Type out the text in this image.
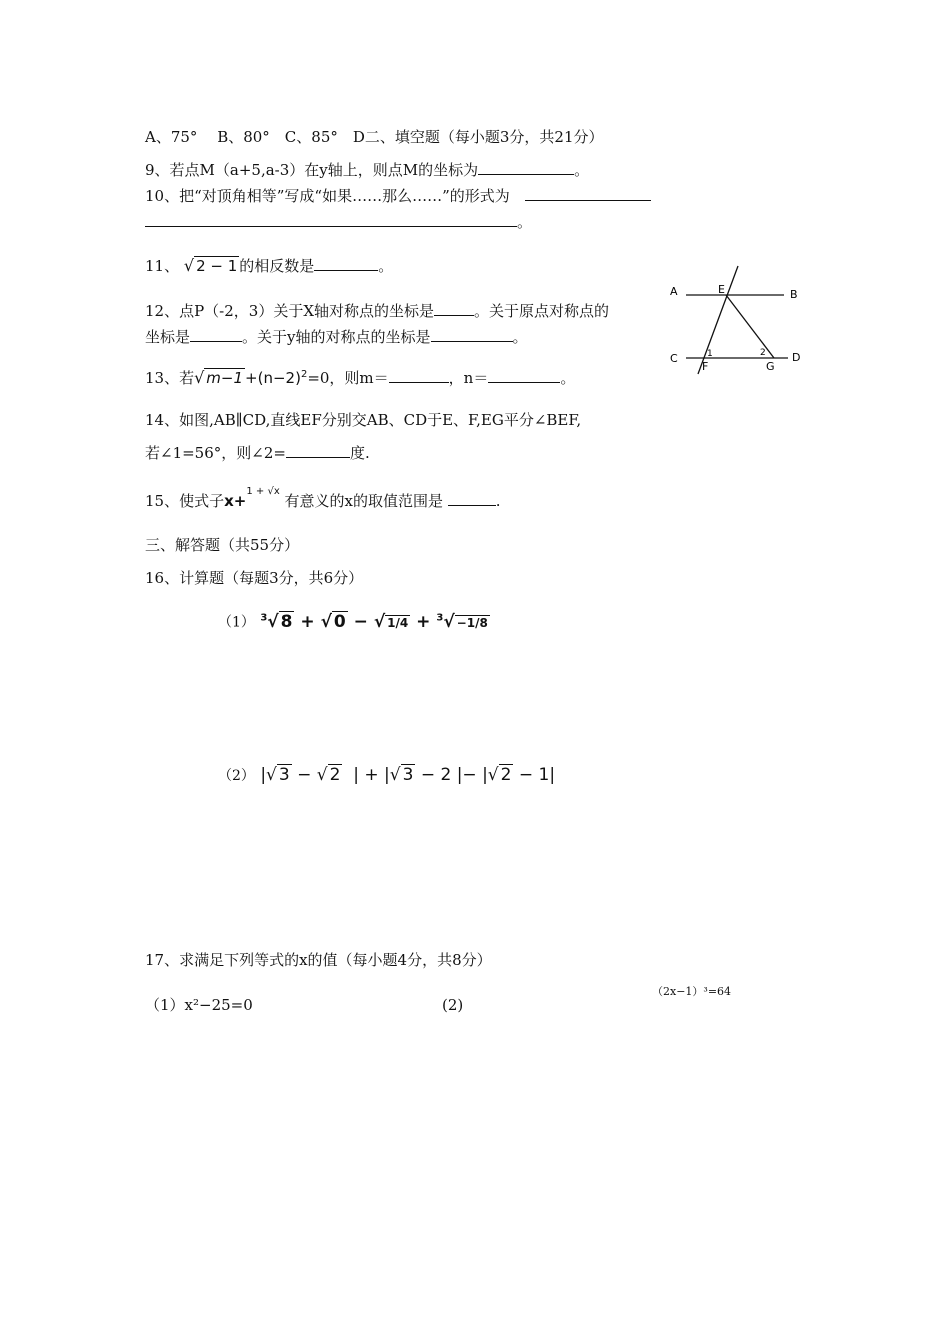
A、75°　 B、80°　C、85°　D二、填空题（每小题3分，共21分）
9、若点M（a+5,a-3）在y轴上，则点M的坐标为	。
10、把“对顶角相等”写成“如果……那么……”的形式为　
。
11、 √ 2 − 1 的相反数是	。
12、点P（-2，3）关于X轴对称点的坐标是	。关于原点对称点的
坐标是	。关于y轴的对称点的坐标是	。
13、若√ $m-1 +(n-2)^2=0$，则m＝	，n＝	。
A	B
C	D
E
F	G
1	2
14、如图,AB∥CD,直线EF分别交AB、CD于E、F,EG平分∠BEF,
若∠1=56°，则∠2=	度.
15、使式子x+$^{1 + √x}$ 有意义的x的取值范围是	.
三、解答题（共55分）
16、计算题（每题3分，共6分）
（1） $^3$√ 8 + √ 0 − √ 1/4 + $^3$√ −1/8
（2） |√ 3 − √ 2  | + |√ 3 − 2 |− |√ 2 − 1|
17、求满足下列等式的x的值（每小题4分，共8分）
（1）x²−25=0	(2)
（2x−1）³=64
